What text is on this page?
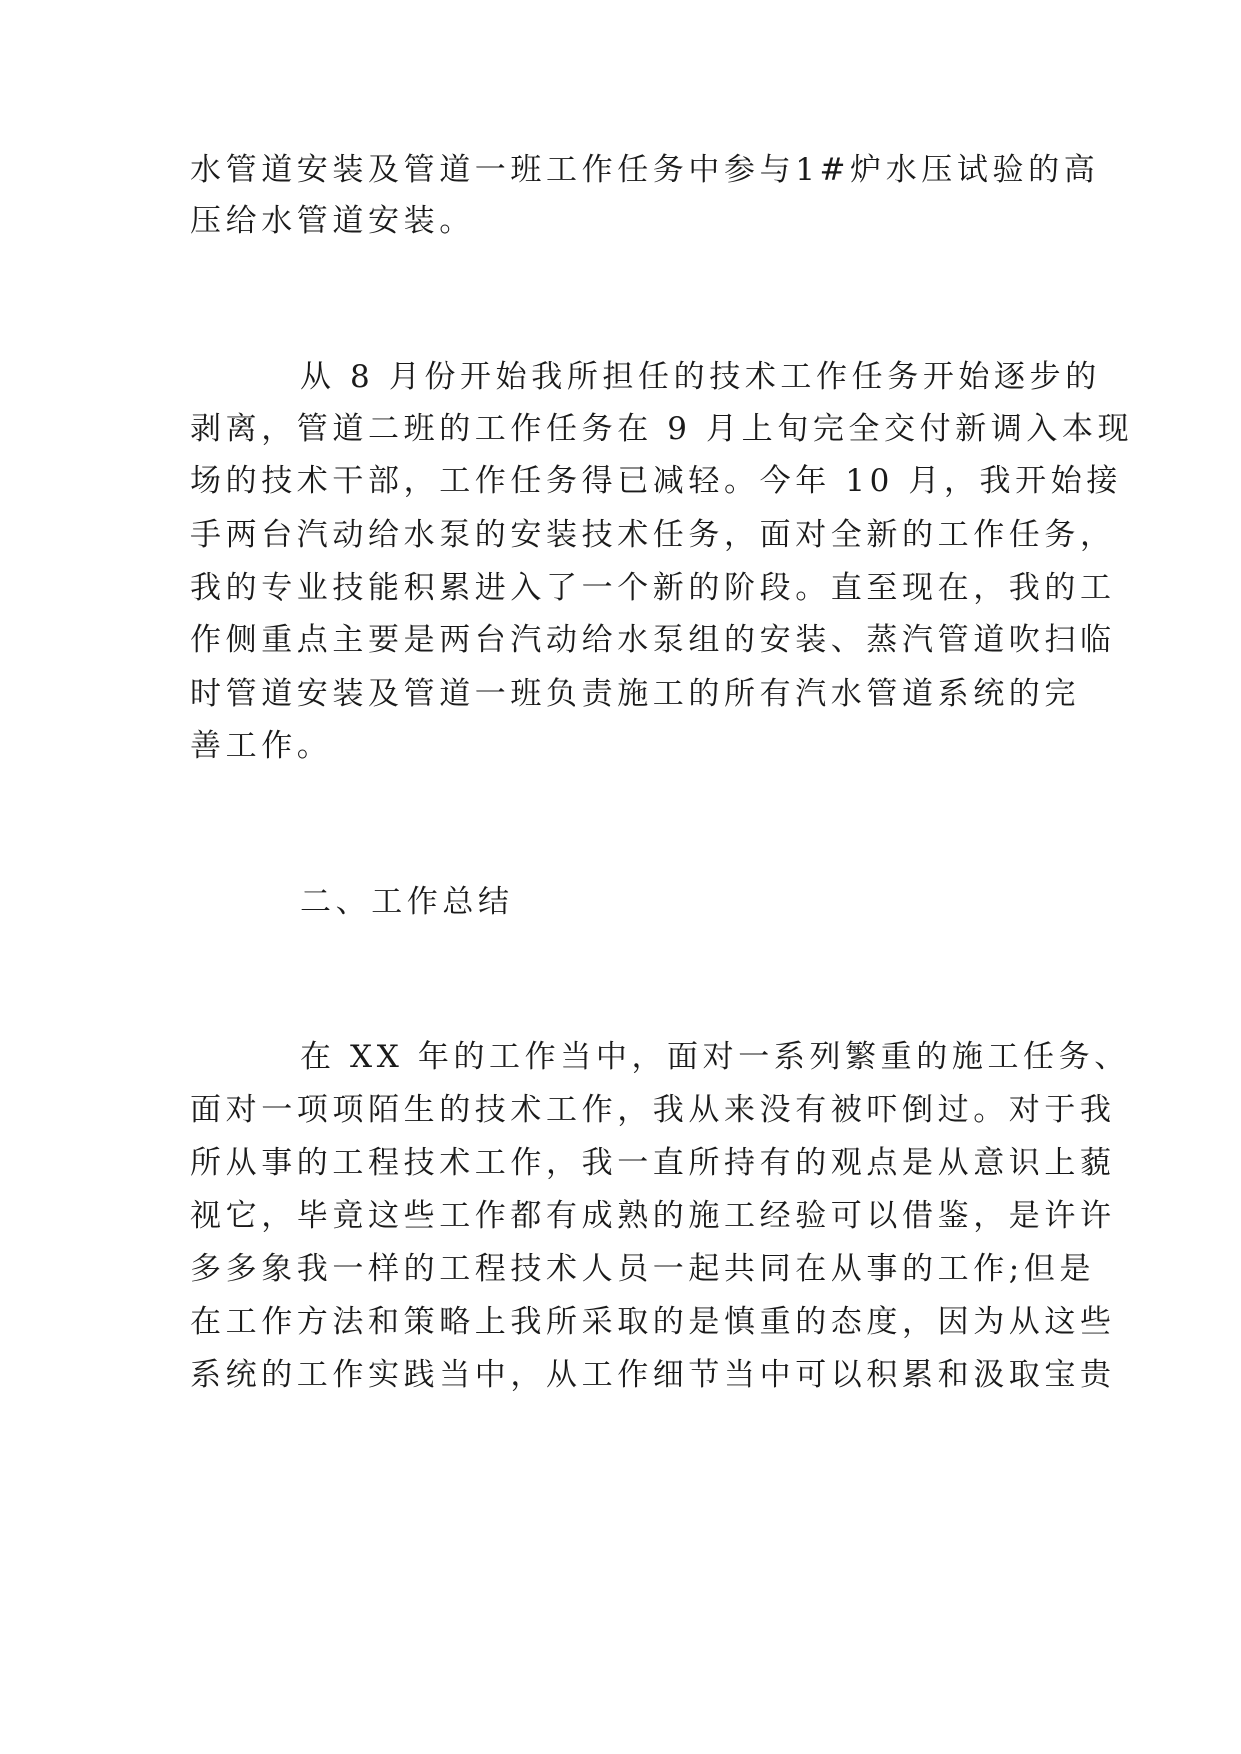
水管道安装及管道一班工作任务中参与1#炉水压试验的高
压给水管道安装。
从 8 月份开始我所担任的技术工作任务开始逐步的
剥离，管道二班的工作任务在 9 月上旬完全交付新调入本现
场的技术干部，工作任务得已减轻。今年 10 月，我开始接
手两台汽动给水泵的安装技术任务，面对全新的工作任务，
我的专业技能积累进入了一个新的阶段。直至现在，我的工
作侧重点主要是两台汽动给水泵组的安装、蒸汽管道吹扫临
时管道安装及管道一班负责施工的所有汽水管道系统的完
善工作。
二、工作总结
在 XX 年的工作当中，面对一系列繁重的施工任务、
面对一项项陌生的技术工作，我从来没有被吓倒过。对于我
所从事的工程技术工作，我一直所持有的观点是从意识上藐
视它，毕竟这些工作都有成熟的施工经验可以借鉴，是许许
多多象我一样的工程技术人员一起共同在从事的工作;但是
在工作方法和策略上我所采取的是慎重的态度，因为从这些
系统的工作实践当中，从工作细节当中可以积累和汲取宝贵
